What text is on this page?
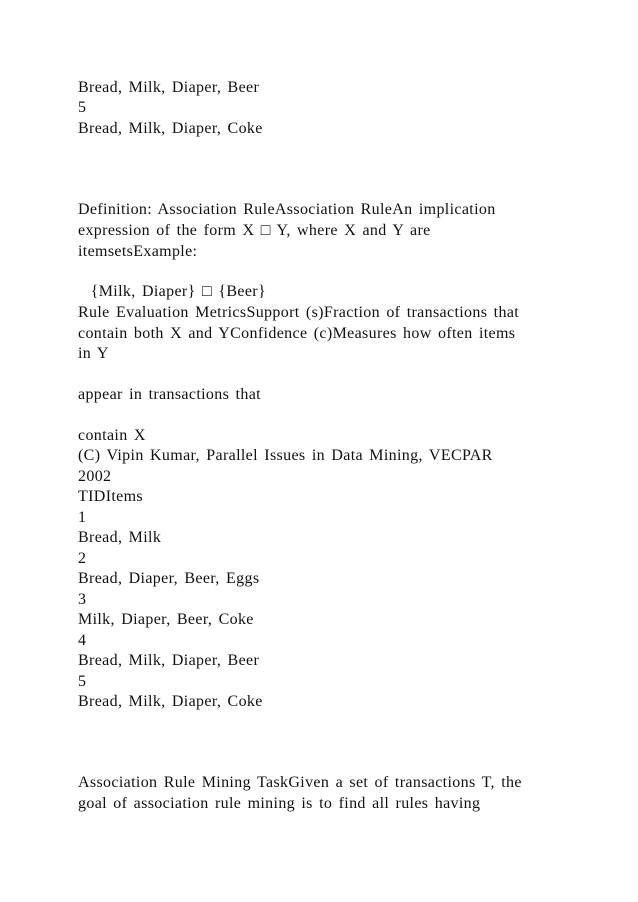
Bread, Milk, Diaper, Beer

5

Bread, Milk, Diaper, Coke

Definition: Association RuleAssociation RuleAn implication

expression of the form X □ Y, where X and Y are

itemsetsExample:

{Milk, Diaper} □ {Beer}

Rule Evaluation MetricsSupport (s)Fraction of transactions that

contain both X and YConfidence (c)Measures how often items

in Y

appear in transactions that

contain X

(C) Vipin Kumar, Parallel Issues in Data Mining, VECPAR

2002

TIDItems

1

Bread, Milk

2

Bread, Diaper, Beer, Eggs

3

Milk, Diaper, Beer, Coke

4

Bread, Milk, Diaper, Beer

5

Bread, Milk, Diaper, Coke

Association Rule Mining TaskGiven a set of transactions T, the

goal of association rule mining is to find all rules having
